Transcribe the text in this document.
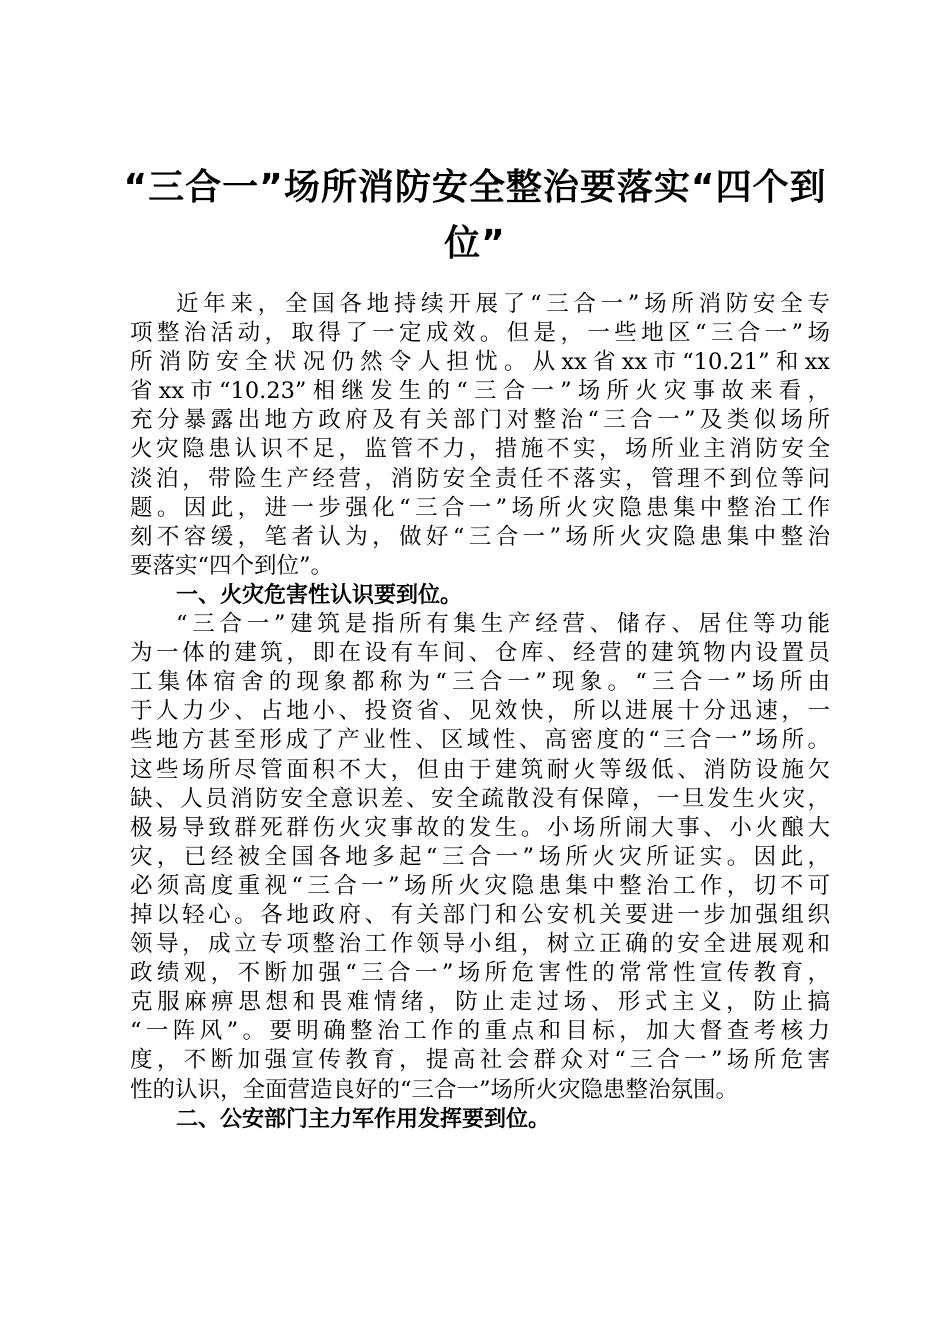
“三合一”场所消防安全整治要落实“四个到
位”
近年来，全国各地持续开展了“三合一”场所消防安全专
项整治活动，取得了一定成效。但是，一些地区“三合一”场
所消防安全状况仍然令人担忧。从xx省xx市“10.21”和xx
省xx市“10.23”相继发生的“三合一”场所火灾事故来看，
充分暴露出地方政府及有关部门对整治“三合一”及类似场所
火灾隐患认识不足，监管不力，措施不实，场所业主消防安全
淡泊，带险生产经营，消防安全责任不落实，管理不到位等问
题。因此，进一步强化“三合一”场所火灾隐患集中整治工作
刻不容缓，笔者认为，做好“三合一”场所火灾隐患集中整治
要落实“四个到位”。
一、火灾危害性认识要到位。
“三合一”建筑是指所有集生产经营、储存、居住等功能
为一体的建筑，即在设有车间、仓库、经营的建筑物内设置员
工集体宿舍的现象都称为“三合一”现象。“三合一”场所由
于人力少、占地小、投资省、见效快，所以进展十分迅速，一
些地方甚至形成了产业性、区域性、高密度的“三合一”场所。
这些场所尽管面积不大，但由于建筑耐火等级低、消防设施欠
缺、人员消防安全意识差、安全疏散没有保障，一旦发生火灾，
极易导致群死群伤火灾事故的发生。小场所闹大事、小火酿大
灾，已经被全国各地多起“三合一”场所火灾所证实。因此，
必须高度重视“三合一”场所火灾隐患集中整治工作，切不可
掉以轻心。各地政府、有关部门和公安机关要进一步加强组织
领导，成立专项整治工作领导小组，树立正确的安全进展观和
政绩观，不断加强“三合一”场所危害性的常常性宣传教育，
克服麻痹思想和畏难情绪，防止走过场、形式主义，防止搞
“一阵风”。要明确整治工作的重点和目标，加大督查考核力
度，不断加强宣传教育，提高社会群众对“三合一”场所危害
性的认识，全面营造良好的“三合一”场所火灾隐患整治氛围。
二、公安部门主力军作用发挥要到位。
